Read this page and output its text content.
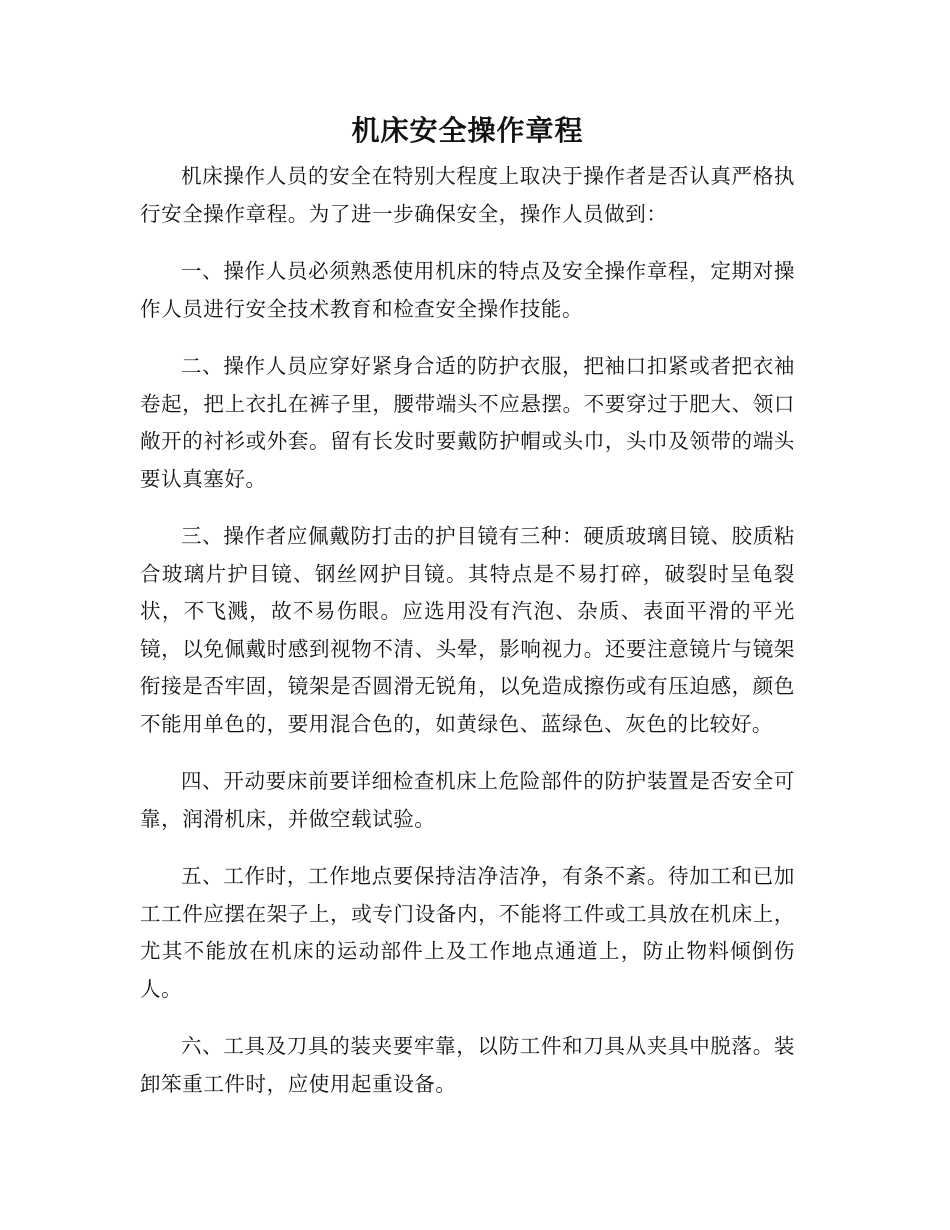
机床安全操作章程

机床操作人员的安全在特别大程度上取决于操作者是否认真严格执行安全操作章程。为了进一步确保安全，操作人员做到：

一、操作人员必须熟悉使用机床的特点及安全操作章程，定期对操作人员进行安全技术教育和检查安全操作技能。

二、操作人员应穿好紧身合适的防护衣服，把袖口扣紧或者把衣袖卷起，把上衣扎在裤子里，腰带端头不应悬摆。不要穿过于肥大、领口敞开的衬衫或外套。留有长发时要戴防护帽或头巾，头巾及领带的端头要认真塞好。

三、操作者应佩戴防打击的护目镜有三种：硬质玻璃目镜、胶质粘合玻璃片护目镜、钢丝网护目镜。其特点是不易打碎，破裂时呈龟裂状，不飞溅，故不易伤眼。应选用没有汽泡、杂质、表面平滑的平光镜，以免佩戴时感到视物不清、头晕，影响视力。还要注意镜片与镜架衔接是否牢固，镜架是否圆滑无锐角，以免造成擦伤或有压迫感，颜色不能用单色的，要用混合色的，如黄绿色、蓝绿色、灰色的比较好。

四、开动要床前要详细检查机床上危险部件的防护装置是否安全可靠，润滑机床，并做空载试验。

五、工作时，工作地点要保持洁净洁净，有条不紊。待加工和已加工工件应摆在架子上，或专门设备内，不能将工件或工具放在机床上，尤其不能放在机床的运动部件上及工作地点通道上，防止物料倾倒伤人。

六、工具及刀具的装夹要牢靠，以防工件和刀具从夹具中脱落。装卸笨重工件时，应使用起重设备。
